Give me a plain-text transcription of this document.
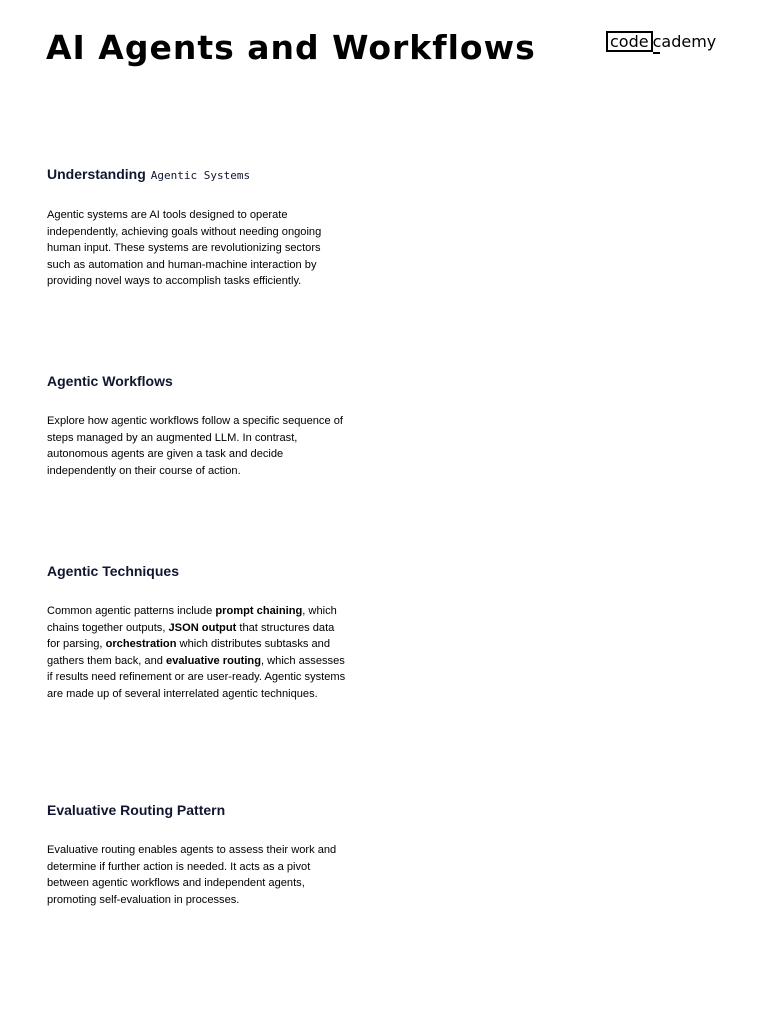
AI Agents and Workflows	code cademy
Understanding Agentic Systems

Agentic systems are AI tools designed to operate independently, achieving goals without needing ongoing human input. These systems are revolutionizing sectors such as automation and human-machine interaction by providing novel ways to accomplish tasks efficiently.

Agentic Workflows

Explore how agentic workflows follow a specific sequence of steps managed by an augmented LLM. In contrast, autonomous agents are given a task and decide independently on their course of action.

Agentic Techniques

Common agentic patterns include prompt chaining, which chains together outputs, JSON output that structures data for parsing, orchestration which distributes subtasks and gathers them back, and evaluative routing, which assesses if results need refinement or are user-ready. Agentic systems are made up of several interrelated agentic techniques.

Evaluative Routing Pattern

Evaluative routing enables agents to assess their work and determine if further action is needed. It acts as a pivot between agentic workflows and independent agents, promoting self-evaluation in processes.
